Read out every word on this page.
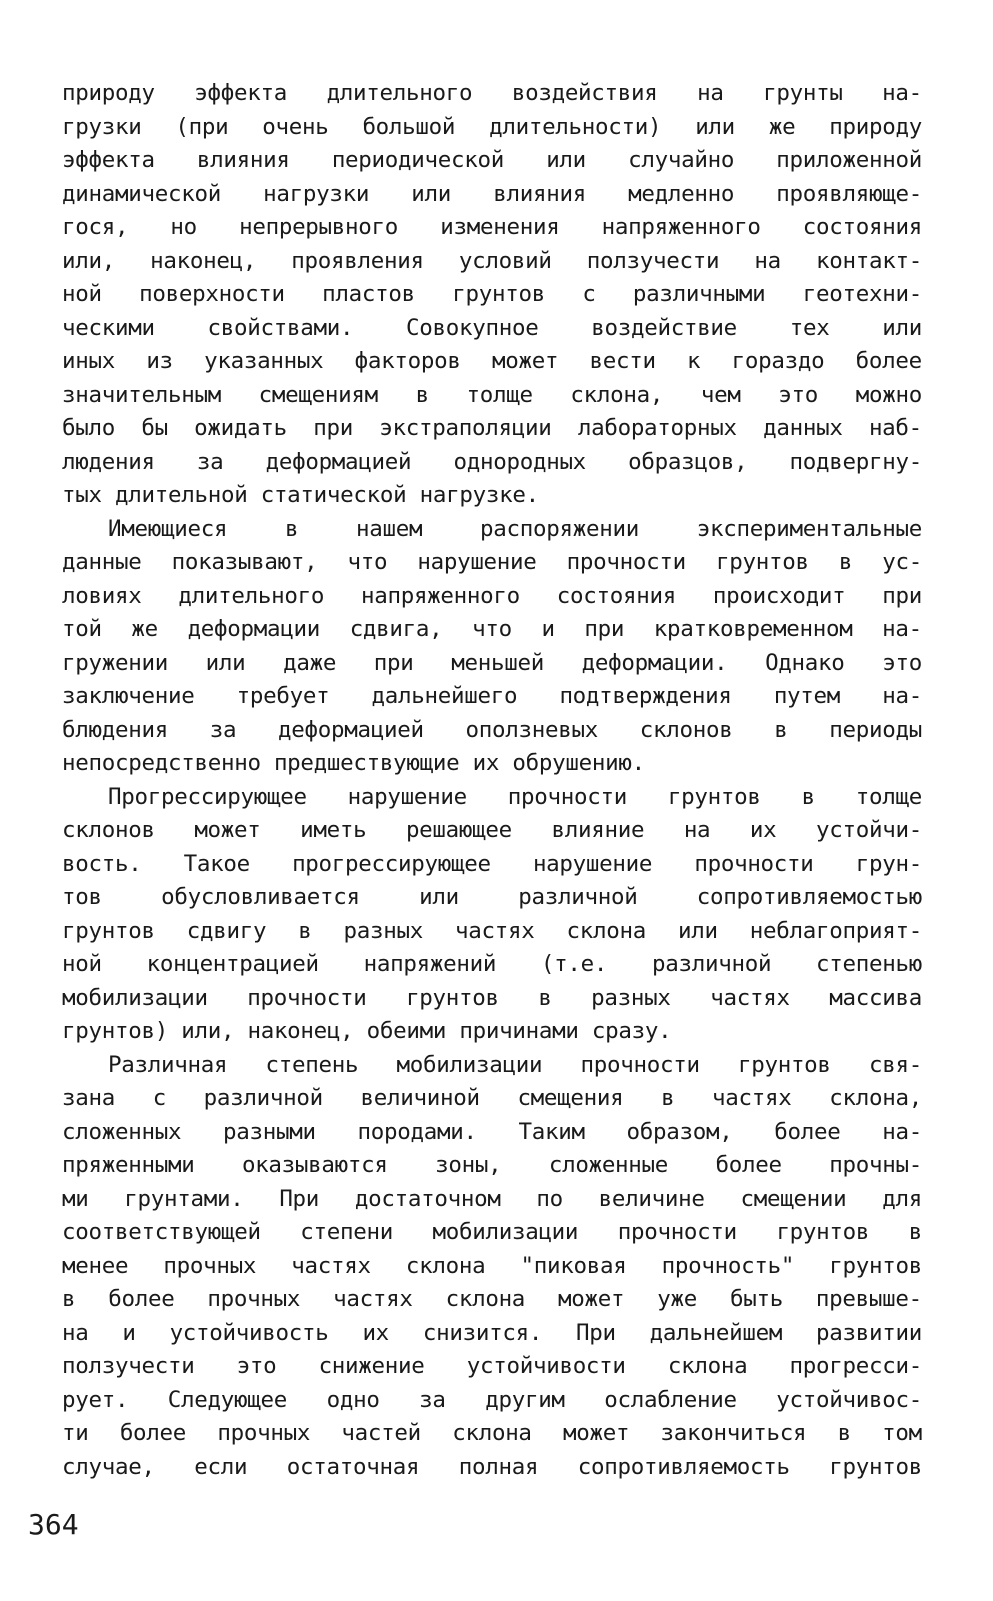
природу эффекта длительного воздействия на грунты на-
грузки (при очень большой длительности) или же природу
эффекта влияния периодической или случайно приложенной
динамической нагрузки или влияния медленно проявляюще-
гося, но непрерывного изменения напряженного состояния
или, наконец, проявления условий ползучести на контакт-
ной поверхности пластов грунтов с различными геотехни-
ческими свойствами. Совокупное воздействие тех или
иных из указанных факторов может вести к гораздо более
значительным смещениям в толще склона, чем это можно
было бы ожидать при экстраполяции лабораторных данных наб-
людения за деформацией однородных образцов, подвергну-
тых длительной статической нагрузке.
Имеющиеся	в	нашем	распоряжении	экспериментальные
данные показывают, что нарушение прочности грунтов в ус-
ловиях длительного напряженного состояния происходит при
той же деформации сдвига, что и при кратковременном на-
гружении или даже при меньшей деформации. Однако это
заключение требует дальнейшего подтверждения путем на-
блюдения за деформацией оползневых склонов в периоды
непосредственно предшествующие их обрушению.
Прогрессирующее нарушение прочности грунтов в толще
склонов может иметь решающее влияние на их устойчи-
вость. Такое прогрессирующее нарушение прочности грун-
тов	обусловливается	или	различной	сопротивляемостью
грунтов сдвигу в разных частях склона или неблагоприят-
ной концентрацией напряжений (т.е. различной степенью
мобилизации прочности грунтов в разных частях массива
грунтов) или, наконец, обеими причинами сразу.
Различная степень мобилизации прочности грунтов свя-
зана с различной величиной смещения в частях склона,
сложенных разными породами. Таким образом, более на-
пряженными оказываются зоны, сложенные более прочны-
ми грунтами. При достаточном по величине смещении для
соответствующей степени мобилизации прочности грунтов в
менее прочных частях склона "пиковая прочность" грунтов
в более прочных частях склона может уже быть превыше-
на и устойчивость их снизится. При дальнейшем развитии
ползучести это снижение устойчивости склона прогресси-
рует. Следующее одно за другим ослабление устойчивос-
ти более прочных частей склона может закончиться в том
случае, если остаточная полная сопротивляемость грунтов
364
